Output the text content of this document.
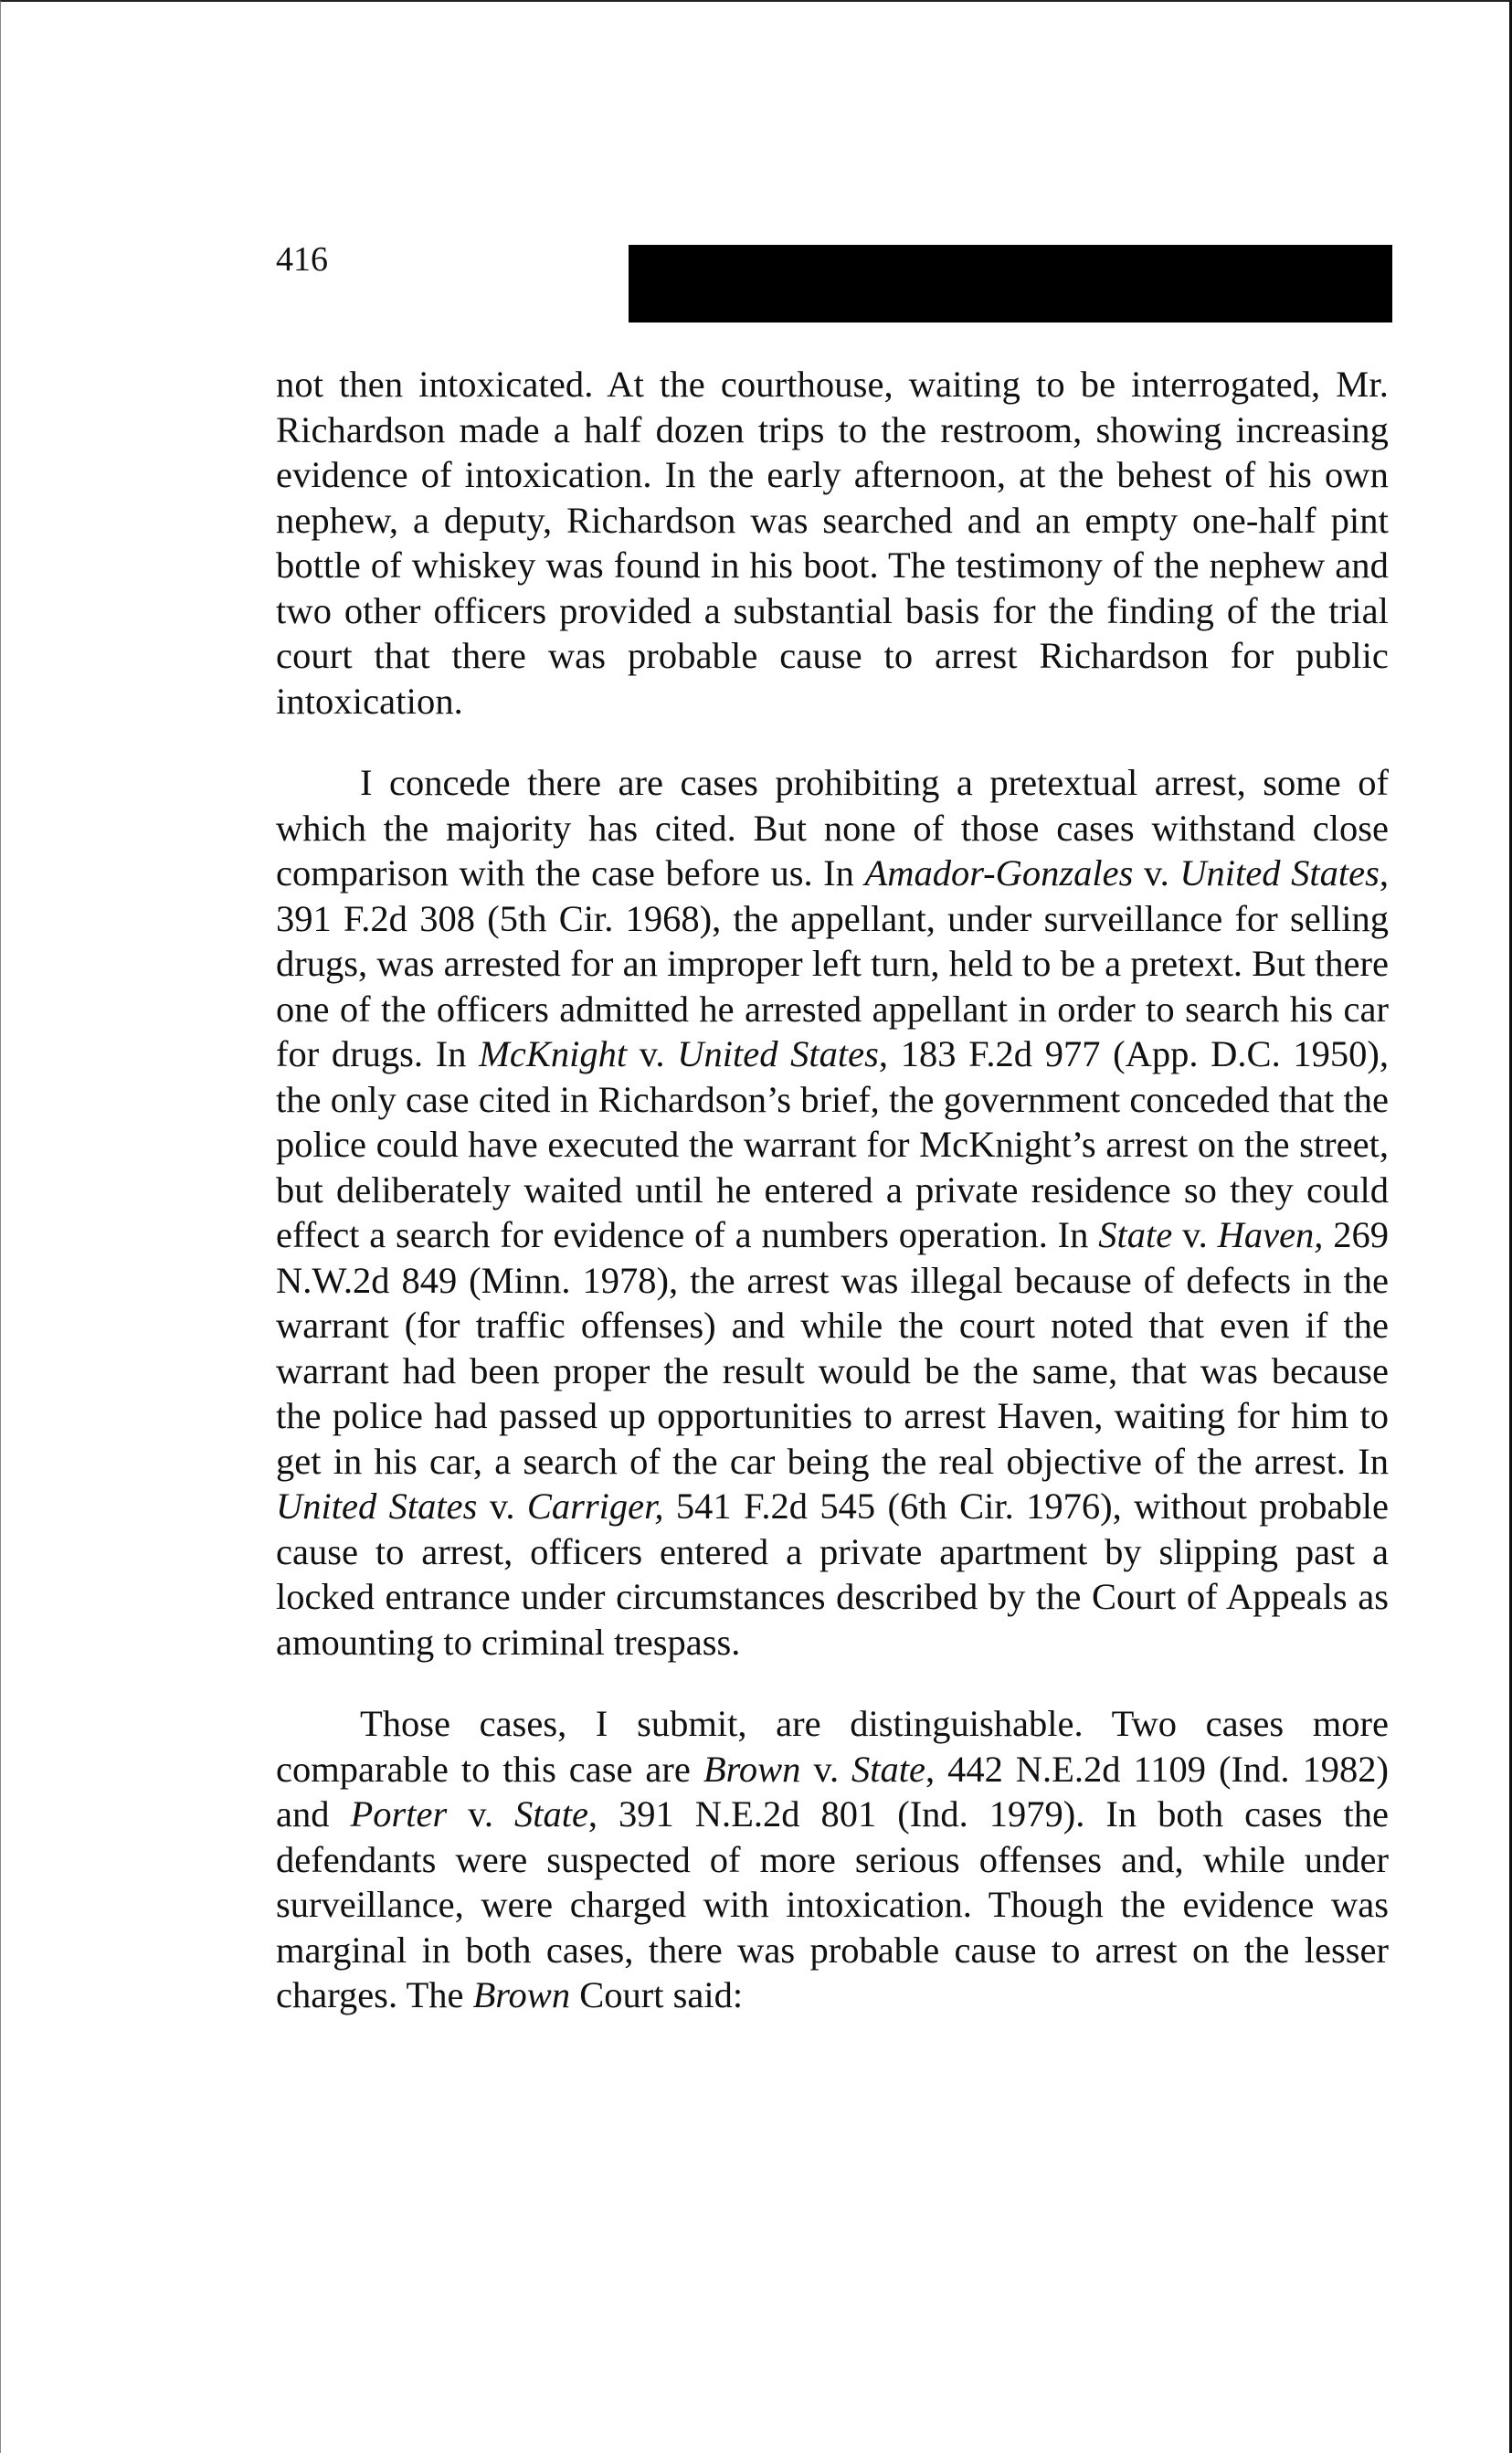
416

not then intoxicated. At the courthouse, waiting to be interrogated, Mr. Richardson made a half dozen trips to the restroom, showing increasing evidence of intoxication. In the early afternoon, at the behest of his own nephew, a deputy, Richardson was searched and an empty one-half pint bottle of whiskey was found in his boot. The testimony of the nephew and two other officers provided a substantial basis for the finding of the trial court that there was probable cause to arrest Richardson for public intoxication.

I concede there are cases prohibiting a pretextual arrest, some of which the majority has cited. But none of those cases withstand close comparison with the case before us. In Amador-Gonzales v. United States, 391 F.2d 308 (5th Cir. 1968), the appellant, under surveillance for selling drugs, was arrested for an improper left turn, held to be a pretext. But there one of the officers admitted he arrested appellant in order to search his car for drugs. In McKnight v. United States, 183 F.2d 977 (App. D.C. 1950), the only case cited in Richardson’s brief, the government conceded that the police could have executed the warrant for McKnight’s arrest on the street, but deliberately waited until he entered a private residence so they could effect a search for evidence of a numbers operation. In State v. Haven, 269 N.W.2d 849 (Minn. 1978), the arrest was illegal because of defects in the warrant (for traffic offenses) and while the court noted that even if the warrant had been proper the result would be the same, that was because the police had passed up opportunities to arrest Haven, waiting for him to get in his car, a search of the car being the real objective of the arrest. In United States v. Carriger, 541 F.2d 545 (6th Cir. 1976), without probable cause to arrest, officers entered a private apartment by slipping past a locked entrance under circumstances described by the Court of Appeals as amounting to criminal trespass.

Those cases, I submit, are distinguishable. Two cases more comparable to this case are Brown v. State, 442 N.E.2d 1109 (Ind. 1982) and Porter v. State, 391 N.E.2d 801 (Ind. 1979). In both cases the defendants were suspected of more serious offenses and, while under surveillance, were charged with intoxication. Though the evidence was marginal in both cases, there was probable cause to arrest on the lesser charges. The Brown Court said:
